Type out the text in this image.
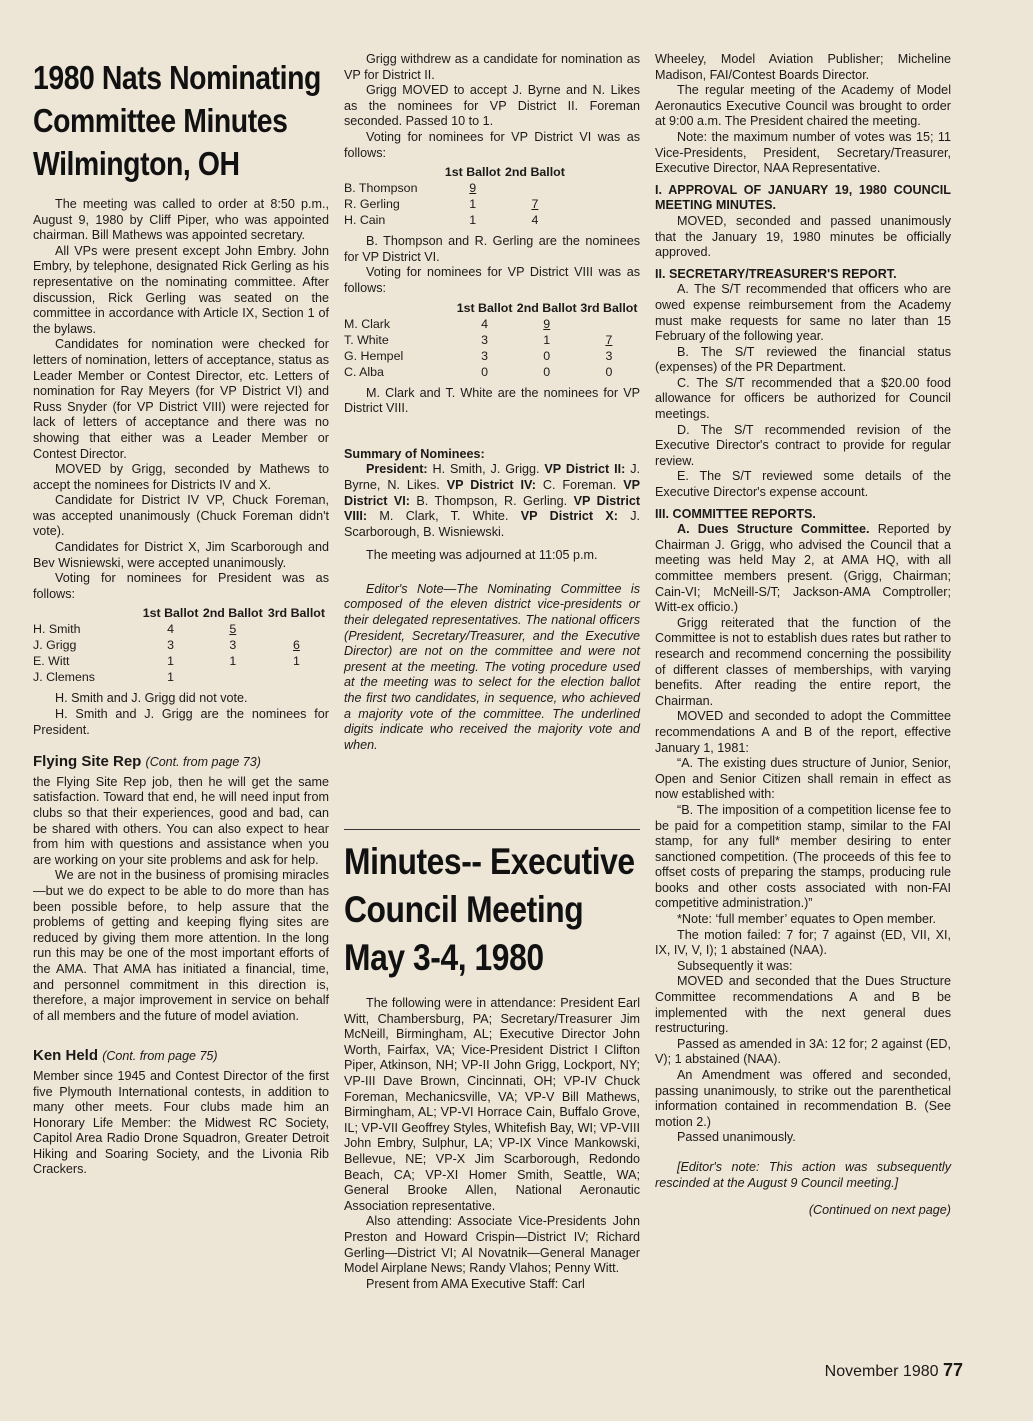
1980 Nats Nominating
Committee Minutes
Wilmington, OH

The meeting was called to order at 8:50 p.m., August 9, 1980 by Cliff Piper, who was appointed chairman. Bill Mathews was appointed secretary.

All VPs were present except John Embry. John Embry, by telephone, designated Rick Gerling as his representative on the nominating committee. After discussion, Rick Gerling was seated on the committee in accordance with Article IX, Section 1 of the bylaws.

Candidates for nomination were checked for letters of nomination, letters of acceptance, status as Leader Member or Contest Director, etc. Letters of nomination for Ray Meyers (for VP District VI) and Russ Snyder (for VP District VIII) were rejected for lack of letters of acceptance and there was no showing that either was a Leader Member or Contest Director.

MOVED by Grigg, seconded by Mathews to accept the nominees for Districts IV and X.

Candidate for District IV VP, Chuck Foreman, was accepted unanimously (Chuck Foreman didn't vote).

Candidates for District X, Jim Scarborough and Bev Wisniewski, were accepted unanimously.

Voting for nominees for President was as follows:

	1st Ballot	2nd Ballot	3rd Ballot
H. Smith	4	5	
J. Grigg	3	3	6
E. Witt	1	1	1
J. Clemens	1		

H. Smith and J. Grigg did not vote.

H. Smith and J. Grigg are the nominees for President.

Flying Site Rep (Cont. from page 73)

the Flying Site Rep job, then he will get the same satisfaction. Toward that end, he will need input from clubs so that their experiences, good and bad, can be shared with others. You can also expect to hear from him with questions and assistance when you are working on your site problems and ask for help.

We are not in the business of promising miracles—but we do expect to be able to do more than has been possible before, to help assure that the problems of getting and keeping flying sites are reduced by giving them more attention. In the long run this may be one of the most important efforts of the AMA. That AMA has initiated a financial, time, and personnel commitment in this direction is, therefore, a major improvement in service on behalf of all members and the future of model aviation.

Ken Held (Cont. from page 75)

Member since 1945 and Contest Director of the first five Plymouth International contests, in addition to many other meets. Four clubs made him an Honorary Life Member: the Midwest RC Society, Capitol Area Radio Drone Squadron, Greater Detroit Hiking and Soaring Society, and the Livonia Rib Crackers.

Grigg withdrew as a candidate for nomination as VP for District II.

Grigg MOVED to accept J. Byrne and N. Likes as the nominees for VP District II. Foreman seconded. Passed 10 to 1.

Voting for nominees for VP District VI was as follows:

	1st Ballot	2nd Ballot
B. Thompson	9	
R. Gerling	1	7
H. Cain	1	4

B. Thompson and R. Gerling are the nominees for VP District VI.

Voting for nominees for VP District VIII was as follows:

	1st Ballot	2nd Ballot	3rd Ballot
M. Clark	4	9	
T. White	3	1	7
G. Hempel	3	0	3
C. Alba	0	0	0

M. Clark and T. White are the nominees for VP District VIII.

Summary of Nominees:
President: H. Smith, J. Grigg. VP District II: J. Byrne, N. Likes. VP District IV: C. Foreman. VP District VI: B. Thompson, R. Gerling. VP District VIII: M. Clark, T. White. VP District X: J. Scarborough, B. Wisniewski.

The meeting was adjourned at 11:05 p.m.

Editor's Note—The Nominating Committee is composed of the eleven district vice-presidents or their delegated representatives. The national officers (President, Secretary/Treasurer, and the Executive Director) are not on the committee and were not present at the meeting. The voting procedure used at the meeting was to select for the election ballot the first two candidates, in sequence, who achieved a majority vote of the committee. The underlined digits indicate who received the majority vote and when.

Minutes-- Executive
Council Meeting
May 3-4, 1980

The following were in attendance: President Earl Witt, Chambersburg, PA; Secretary/Treasurer Jim McNeill, Birmingham, AL; Executive Director John Worth, Fairfax, VA; Vice-President District I Clifton Piper, Atkinson, NH; VP-II John Grigg, Lockport, NY; VP-III Dave Brown, Cincinnati, OH; VP-IV Chuck Foreman, Mechanicsville, VA; VP-V Bill Mathews, Birmingham, AL; VP-VI Horrace Cain, Buffalo Grove, IL; VP-VII Geoffrey Styles, Whitefish Bay, WI; VP-VIII John Embry, Sulphur, LA; VP-IX Vince Mankowski, Bellevue, NE; VP-X Jim Scarborough, Redondo Beach, CA; VP-XI Homer Smith, Seattle, WA; General Brooke Allen, National Aeronautic Association representative.

Also attending: Associate Vice-Presidents John Preston and Howard Crispin—District IV; Richard Gerling—District VI; Al Novatnik—General Manager Model Airplane News; Randy Vlahos; Penny Witt.

Present from AMA Executive Staff: Carl

Wheeley, Model Aviation Publisher; Micheline Madison, FAI/Contest Boards Director.

The regular meeting of the Academy of Model Aeronautics Executive Council was brought to order at 9:00 a.m. The President chaired the meeting.

Note: the maximum number of votes was 15; 11 Vice-Presidents, President, Secretary/Treasurer, Executive Director, NAA Representative.

I. APPROVAL OF JANUARY 19, 1980 COUNCIL MEETING MINUTES.

MOVED, seconded and passed unanimously that the January 19, 1980 minutes be officially approved.

II. SECRETARY/TREASURER'S REPORT.

A. The S/T recommended that officers who are owed expense reimbursement from the Academy must make requests for same no later than 15 February of the following year.

B. The S/T reviewed the financial status (expenses) of the PR Department.

C. The S/T recommended that a $20.00 food allowance for officers be authorized for Council meetings.

D. The S/T recommended revision of the Executive Director's contract to provide for regular review.

E. The S/T reviewed some details of the Executive Director's expense account.

III. COMMITTEE REPORTS.

A. Dues Structure Committee. Reported by Chairman J. Grigg, who advised the Council that a meeting was held May 2, at AMA HQ, with all committee members present. (Grigg, Chairman; Cain-VI; McNeill-S/T; Jackson-AMA Comptroller; Witt-ex officio.)

Grigg reiterated that the function of the Committee is not to establish dues rates but rather to research and recommend concerning the possibility of different classes of memberships, with varying benefits. After reading the entire report, the Chairman.

MOVED and seconded to adopt the Committee recommendations A and B of the report, effective January 1, 1981:

“A. The existing dues structure of Junior, Senior, Open and Senior Citizen shall remain in effect as now established with:

“B. The imposition of a competition license fee to be paid for a competition stamp, similar to the FAI stamp, for any full* member desiring to enter sanctioned competition. (The proceeds of this fee to offset costs of preparing the stamps, producing rule books and other costs associated with non-FAI competitive administration.)”

*Note: ‘full member’ equates to Open member.

The motion failed: 7 for; 7 against (ED, VII, XI, IX, IV, V, I); 1 abstained (NAA).

Subsequently it was:

MOVED and seconded that the Dues Structure Committee recommendations A and B be implemented with the next general dues restructuring.

Passed as amended in 3A: 12 for; 2 against (ED, V); 1 abstained (NAA).

An Amendment was offered and seconded, passing unanimously, to strike out the parenthetical information contained in recommendation B. (See motion 2.)

Passed unanimously.

[Editor's note: This action was subsequently rescinded at the August 9 Council meeting.]

(Continued on next page)

November 1980 77
